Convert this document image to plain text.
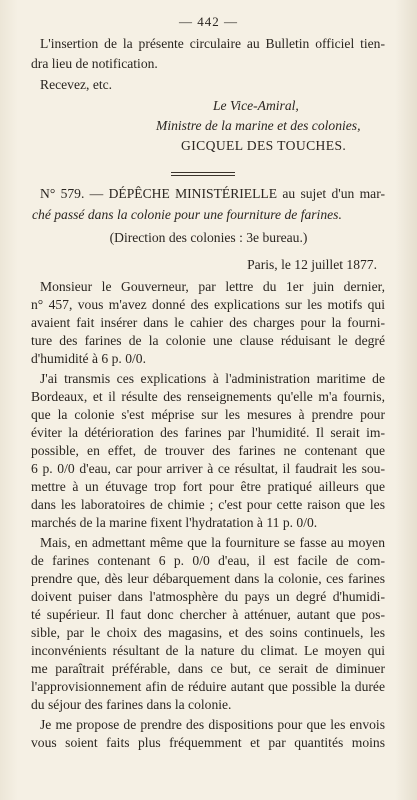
— 442 —
L'insertion de la présente circulaire au Bulletin officiel tien-
dra lieu de notification.
Recevez, etc.
Le Vice-Amiral,
Ministre de la marine et des colonies,
GICQUEL DES TOUCHES.
N° 579. — DÉPÊCHE MINISTÉRIELLE au sujet d'un mar-
ché passé dans la colonie pour une fourniture de farines.
(Direction des colonies : 3e bureau.)
Paris, le 12 juillet 1877.
Monsieur le Gouverneur, par lettre du 1er juin dernier,
n° 457, vous m'avez donné des explications sur les motifs qui
avaient fait insérer dans le cahier des charges pour la fourni-
ture des farines de la colonie une clause réduisant le degré
d'humidité à 6 p. 0/0.
J'ai transmis ces explications à l'administration maritime de
Bordeaux, et il résulte des renseignements qu'elle m'a fournis,
que la colonie s'est méprise sur les mesures à prendre pour
éviter la détérioration des farines par l'humidité. Il serait im-
possible, en effet, de trouver des farines ne contenant que
6 p. 0/0 d'eau, car pour arriver à ce résultat, il faudrait les sou-
mettre à un étuvage trop fort pour être pratiqué ailleurs que
dans les laboratoires de chimie ; c'est pour cette raison que les
marchés de la marine fixent l'hydratation à 11 p. 0/0.
Mais, en admettant même que la fourniture se fasse au moyen
de farines contenant 6 p. 0/0 d'eau, il est facile de com-
prendre que, dès leur débarquement dans la colonie, ces farines
doivent puiser dans l'atmosphère du pays un degré d'humidi-
té supérieur. Il faut donc chercher à atténuer, autant que pos-
sible, par le choix des magasins, et des soins continuels, les
inconvénients résultant de la nature du climat. Le moyen qui
me paraîtrait préférable, dans ce but, ce serait de diminuer
l'approvisionnement afin de réduire autant que possible la durée
du séjour des farines dans la colonie.
Je me propose de prendre des dispositions pour que les envois
vous soient faits plus fréquemment et par quantités moins
